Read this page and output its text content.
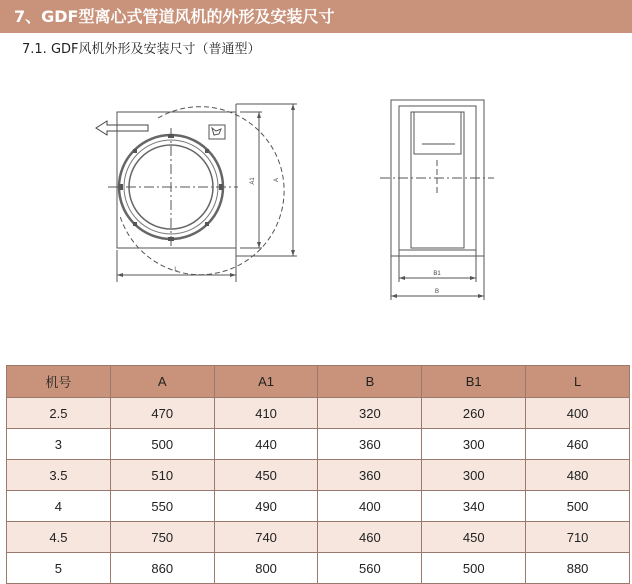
7、GDF型离心式管道风机的外形及安装尺寸
7.1. GDF风机外形及安装尺寸（普通型）
A1	A
L
B1
B
机号	A	A1	B	B1	L
2.5	470	410	320	260	400
3	500	440	360	300	460
3.5	510	450	360	300	480
4	550	490	400	340	500
4.5	750	740	460	450	710
5	860	800	560	500	880
